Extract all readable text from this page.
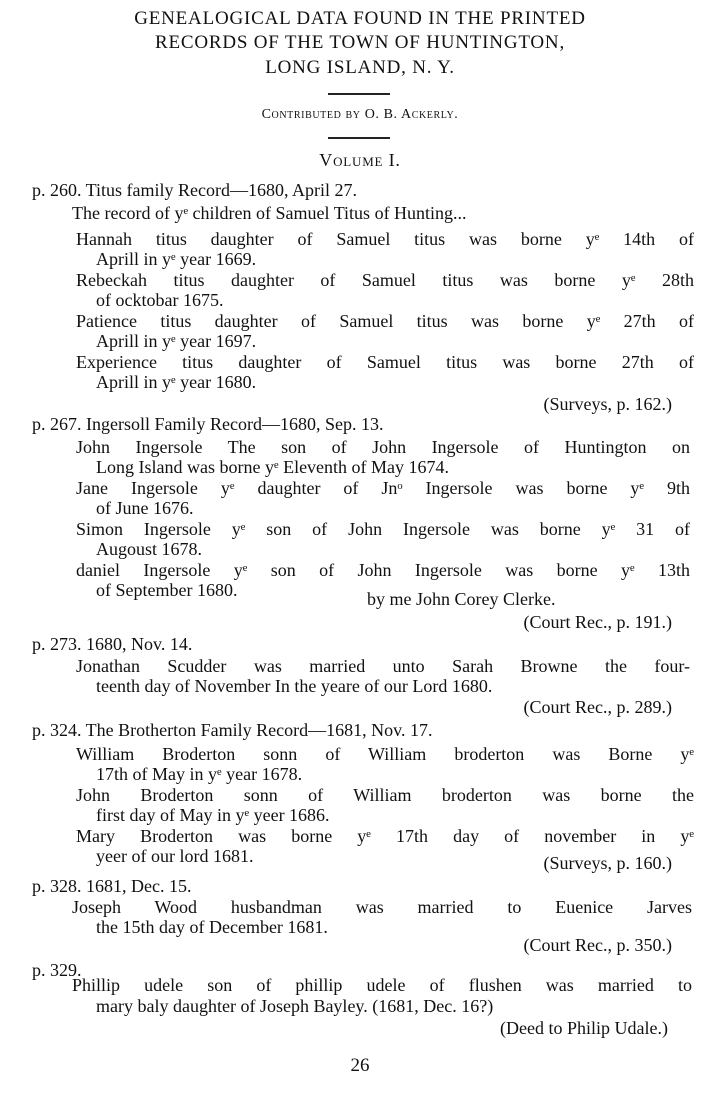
GENEALOGICAL DATA FOUND IN THE PRINTED
RECORDS OF THE TOWN OF HUNTINGTON,
LONG ISLAND, N. Y.
Contributed by O. B. Ackerly.
Volume I.
p. 260. Titus family Record—1680, April 27.
The record of yᵉ children of Samuel Titus of Hunting...
Hannah titus daughter of Samuel titus was borne yᵉ 14th of
Aprill in yᵉ year 1669.
Rebeckah titus daughter of Samuel titus was borne yᵉ 28th
of ocktobar 1675.
Patience titus daughter of Samuel titus was borne yᵉ 27th of
Aprill in yᵉ year 1697.
Experience titus daughter of Samuel titus was borne 27th of
Aprill in yᵉ year 1680.
(Surveys, p. 162.)
p. 267. Ingersoll Family Record—1680, Sep. 13.
John Ingersole The son of John Ingersole of Huntington on
Long Island was borne yᵉ Eleventh of May 1674.
Jane Ingersole yᵉ daughter of Jnᵒ Ingersole was borne yᵉ 9th
of June 1676.
Simon Ingersole yᵉ son of John Ingersole was borne yᵉ 31 of
Augoust 1678.
daniel Ingersole yᵉ son of John Ingersole was borne yᵉ 13th
of September 1680.	by me John Corey Clerke.
(Court Rec., p. 191.)
p. 273. 1680, Nov. 14.
Jonathan Scudder was married unto Sarah Browne the four-
teenth day of November In the yeare of our Lord 1680.
(Court Rec., p. 289.)
p. 324. The Brotherton Family Record—1681, Nov. 17.
William Broderton sonn of William broderton was Borne yᵉ
17th of May in yᵉ year 1678.
John Broderton sonn of William broderton was borne the
first day of May in yᵉ yeer 1686.
Mary Broderton was borne yᵉ 17th day of november in yᵉ
yeer of our lord 1681.	(Surveys, p. 160.)
p. 328. 1681, Dec. 15.
Joseph Wood husbandman was married to Euenice Jarves
the 15th day of December 1681.
(Court Rec., p. 350.)
p. 329.
Phillip udele son of phillip udele of flushen was married to
mary baly daughter of Joseph Bayley. (1681, Dec. 16?)
(Deed to Philip Udale.)
26
